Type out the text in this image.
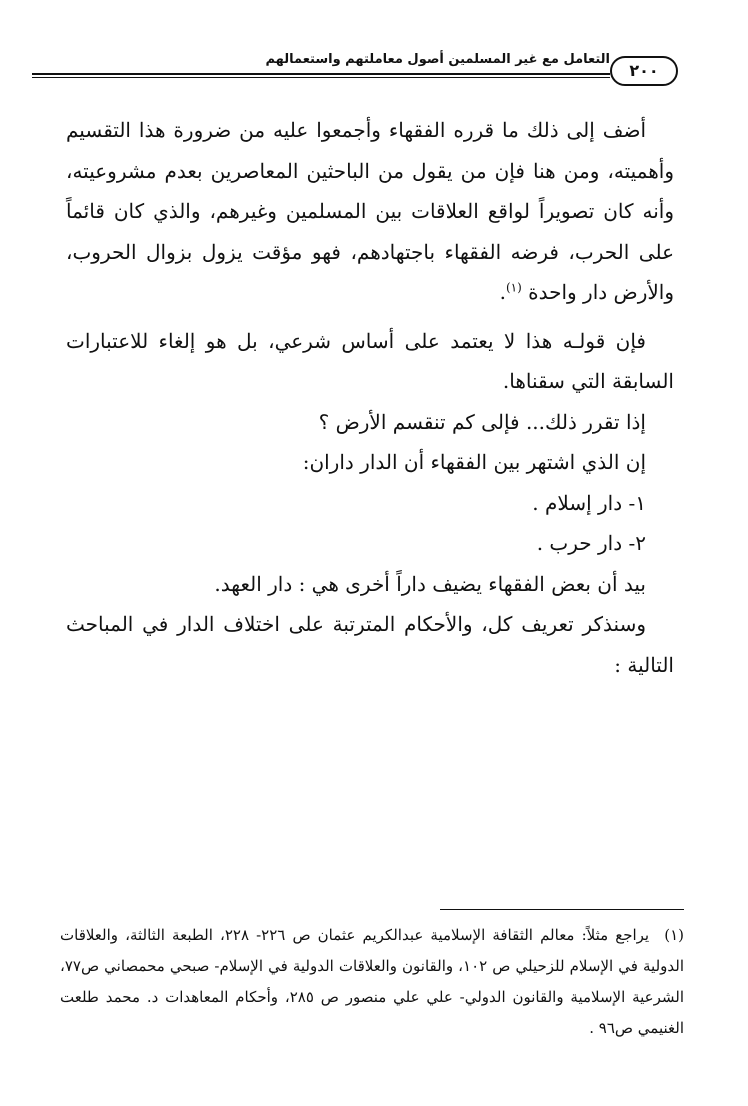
التعامل مع غير المسلمين أصول معاملتهم واستعمالهم
٢٠٠

أضف إلى ذلك ما قرره الفقهاء وأجمعوا عليه من ضرورة هذا التقسيم وأهميته، ومن هنا فإن من يقول من الباحثين المعاصرين بعدم مشروعيته، وأنه كان تصويراً لواقع العلاقات بين المسلمين وغيرهم، والذي كان قائماً على الحرب، فرضه الفقهاء باجتهادهم، فهو مؤقت يزول بزوال الحروب، والأرض دار واحدة $^{(١)}$.

فإن قولـه هذا لا يعتمد على أساس شرعي، بل هو إلغاء للاعتبارات السابقة التي سقناها.

إذا تقرر ذلك... فإلى كم تنقسم الأرض ؟

إن الذي اشتهر بين الفقهاء أن الدار داران:

١- دار إسلام .

٢- دار حرب .

بيد أن بعض الفقهاء يضيف داراً أخرى هي : دار العهد.

وسنذكر تعريف كل، والأحكام المترتبة على اختلاف الدار في المباحث التالية :

(١) يراجع مثلاً: معالم الثقافة الإسلامية عبدالكريم عثمان ص ٢٢٦- ٢٢٨، الطبعة الثالثة، والعلاقات الدولية في الإسلام للزحيلي ص ١٠٢، والقانون والعلاقات الدولية في الإسلام- صبحي محمصاني ص٧٧، الشرعية الإسلامية والقانون الدولي- علي علي منصور ص ٢٨٥، وأحكام المعاهدات د. محمد طلعت الغنيمي ص٩٦ .
